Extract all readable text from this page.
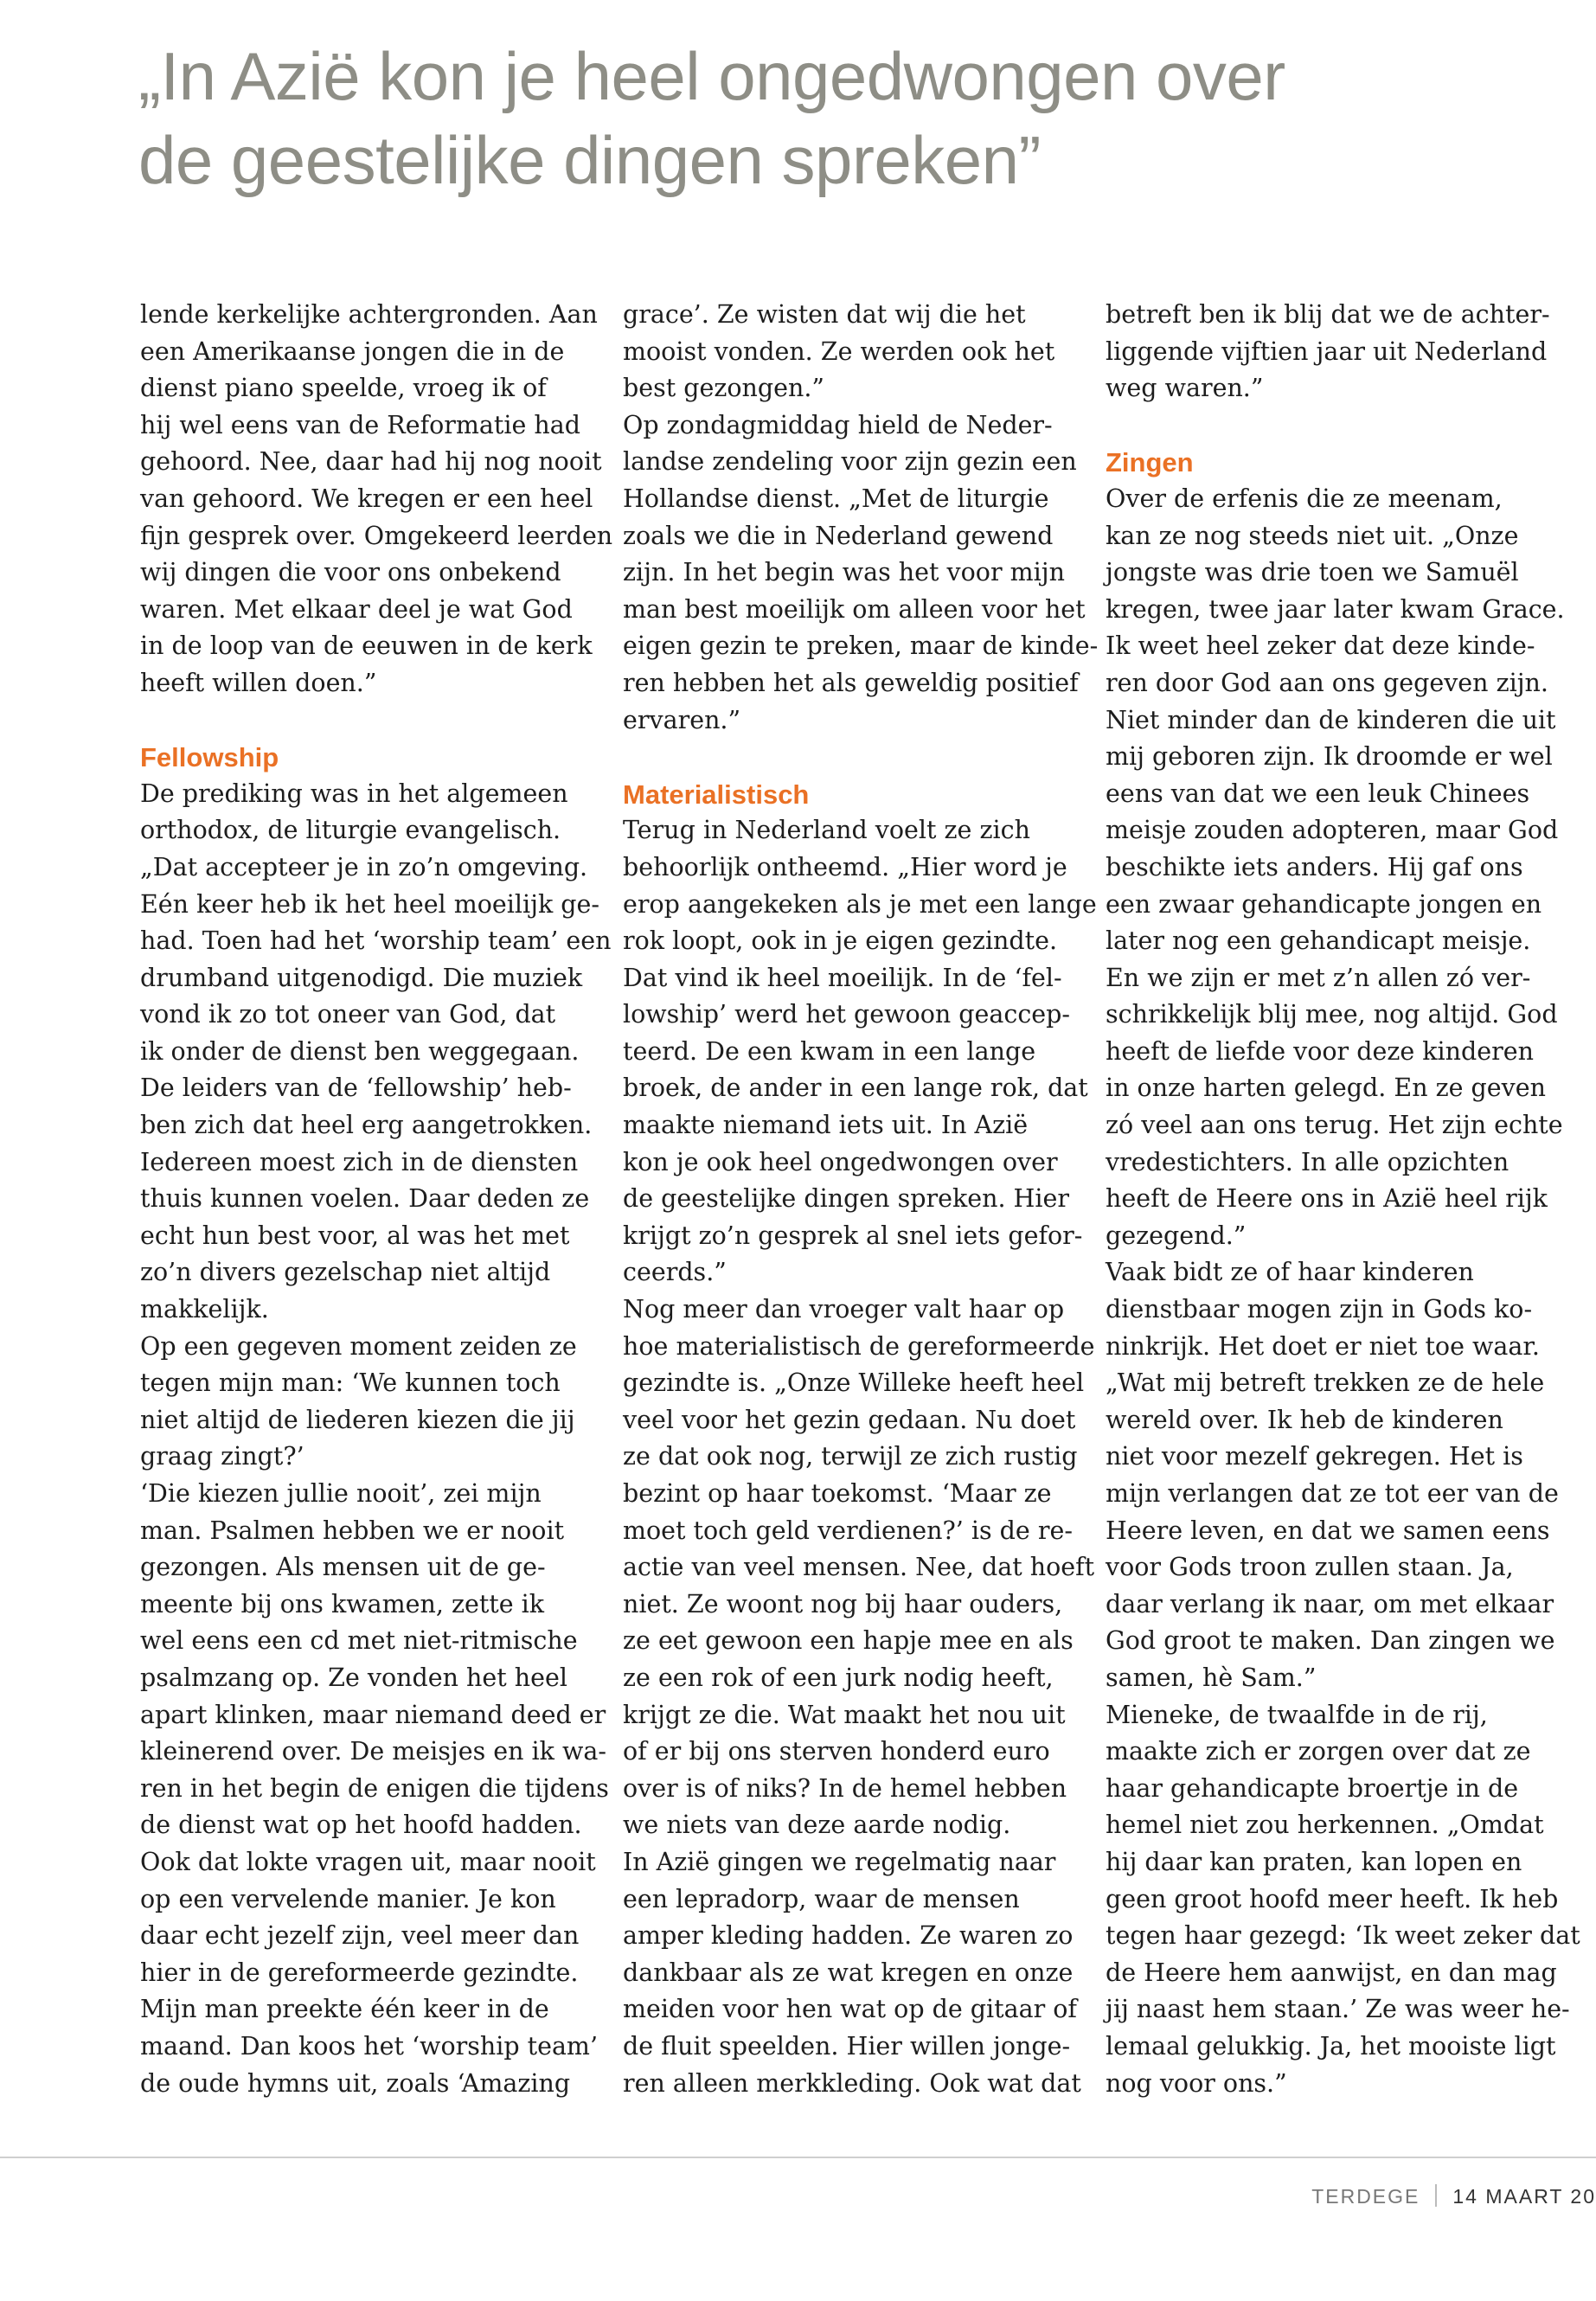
„In Azië kon je heel ongedwongen over
de geestelijke dingen spreken”
lende kerkelijke achtergronden. Aan
een Amerikaanse jongen die in de
dienst piano speelde, vroeg ik of
hij wel eens van de Reformatie had
gehoord. Nee, daar had hij nog nooit
van gehoord. We kregen er een heel
fijn gesprek over. Omgekeerd leerden
wij dingen die voor ons onbekend
waren. Met elkaar deel je wat God
in de loop van de eeuwen in de kerk
heeft willen doen.”
Fellowship
De prediking was in het algemeen
orthodox, de liturgie evangelisch.
„Dat accepteer je in zo’n omgeving.
Eén keer heb ik het heel moeilijk ge-
had. Toen had het ‘worship team’ een
drumband uitgenodigd. Die muziek
vond ik zo tot oneer van God, dat
ik onder de dienst ben weggegaan.
De leiders van de ‘fellowship’ heb-
ben zich dat heel erg aangetrokken.
Iedereen moest zich in de diensten
thuis kunnen voelen. Daar deden ze
echt hun best voor, al was het met
zo’n divers gezelschap niet altijd
makkelijk.
Op een gegeven moment zeiden ze
tegen mijn man: ‘We kunnen toch
niet altijd de liederen kiezen die jij
graag zingt?’
‘Die kiezen jullie nooit’, zei mijn
man. Psalmen hebben we er nooit
gezongen. Als mensen uit de ge-
meente bij ons kwamen, zette ik
wel eens een cd met niet-ritmische
psalmzang op. Ze vonden het heel
apart klinken, maar niemand deed er
kleinerend over. De meisjes en ik wa-
ren in het begin de enigen die tijdens
de dienst wat op het hoofd hadden.
Ook dat lokte vragen uit, maar nooit
op een vervelende manier. Je kon
daar echt jezelf zijn, veel meer dan
hier in de gereformeerde gezindte.
Mijn man preekte één keer in de
maand. Dan koos het ‘worship team’
de oude hymns uit, zoals ‘Amazing
grace’. Ze wisten dat wij die het
mooist vonden. Ze werden ook het
best gezongen.”
Op zondagmiddag hield de Neder-
landse zendeling voor zijn gezin een
Hollandse dienst. „Met de liturgie
zoals we die in Nederland gewend
zijn. In het begin was het voor mijn
man best moeilijk om alleen voor het
eigen gezin te preken, maar de kinde-
ren hebben het als geweldig positief
ervaren.”
Materialistisch
Terug in Nederland voelt ze zich
behoorlijk ontheemd. „Hier word je
erop aangekeken als je met een lange
rok loopt, ook in je eigen gezindte.
Dat vind ik heel moeilijk. In de ‘fel-
lowship’ werd het gewoon geaccep-
teerd. De een kwam in een lange
broek, de ander in een lange rok, dat
maakte niemand iets uit. In Azië
kon je ook heel ongedwongen over
de geestelijke dingen spreken. Hier
krijgt zo’n gesprek al snel iets gefor-
ceerds.”
Nog meer dan vroeger valt haar op
hoe materialistisch de gereformeerde
gezindte is. „Onze Willeke heeft heel
veel voor het gezin gedaan. Nu doet
ze dat ook nog, terwijl ze zich rustig
bezint op haar toekomst. ‘Maar ze
moet toch geld verdienen?’ is de re-
actie van veel mensen. Nee, dat hoeft
niet. Ze woont nog bij haar ouders,
ze eet gewoon een hapje mee en als
ze een rok of een jurk nodig heeft,
krijgt ze die. Wat maakt het nou uit
of er bij ons sterven honderd euro
over is of niks? In de hemel hebben
we niets van deze aarde nodig.
In Azië gingen we regelmatig naar
een lepradorp, waar de mensen
amper kleding hadden. Ze waren zo
dankbaar als ze wat kregen en onze
meiden voor hen wat op de gitaar of
de fluit speelden. Hier willen jonge-
ren alleen merkkleding. Ook wat dat
betreft ben ik blij dat we de achter-
liggende vijftien jaar uit Nederland
weg waren.”
Zingen
Over de erfenis die ze meenam,
kan ze nog steeds niet uit. „Onze
jongste was drie toen we Samuël
kregen, twee jaar later kwam Grace.
Ik weet heel zeker dat deze kinde-
ren door God aan ons gegeven zijn.
Niet minder dan de kinderen die uit
mij geboren zijn. Ik droomde er wel
eens van dat we een leuk Chinees
meisje zouden adopteren, maar God
beschikte iets anders. Hij gaf ons
een zwaar gehandicapte jongen en
later nog een gehandicapt meisje.
En we zijn er met z’n allen zó ver-
schrikkelijk blij mee, nog altijd. God
heeft de liefde voor deze kinderen
in onze harten gelegd. En ze geven
zó veel aan ons terug. Het zijn echte
vredestichters. In alle opzichten
heeft de Heere ons in Azië heel rijk
gezegend.”
Vaak bidt ze of haar kinderen
dienstbaar mogen zijn in Gods ko-
ninkrijk. Het doet er niet toe waar.
„Wat mij betreft trekken ze de hele
wereld over. Ik heb de kinderen
niet voor mezelf gekregen. Het is
mijn verlangen dat ze tot eer van de
Heere leven, en dat we samen eens
voor Gods troon zullen staan. Ja,
daar verlang ik naar, om met elkaar
God groot te maken. Dan zingen we
samen, hè Sam.”
Mieneke, de twaalfde in de rij,
maakte zich er zorgen over dat ze
haar gehandicapte broertje in de
hemel niet zou herkennen. „Omdat
hij daar kan praten, kan lopen en
geen groot hoofd meer heeft. Ik heb
tegen haar gezegd: ‘Ik weet zeker dat
de Heere hem aanwijst, en dan mag
jij naast hem staan.’ Ze was weer he-
lemaal gelukkig. Ja, het mooiste ligt
nog voor ons.”
TERDEGE 14 MAART 20
